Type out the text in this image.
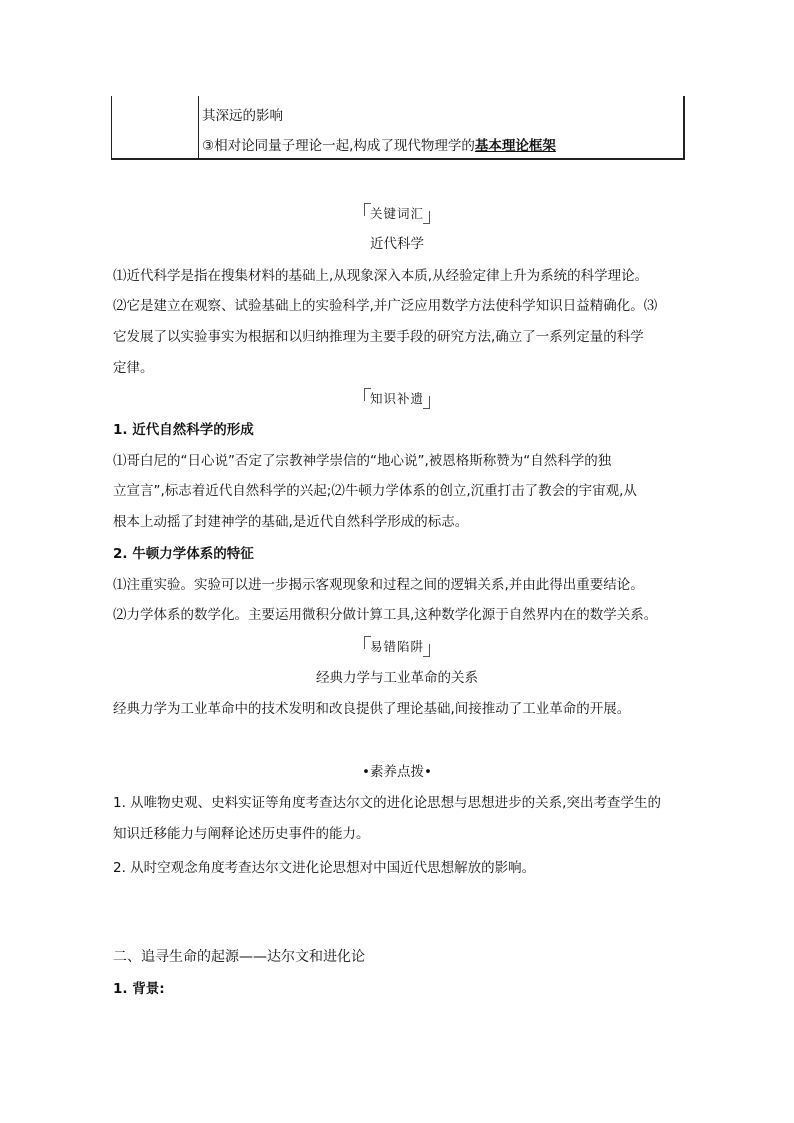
其深远的影响
③相对论同量子理论一起,构成了现代物理学的基本理论框架
关键词汇
近代科学
⑴近代科学是指在搜集材料的基础上,从现象深入本质,从经验定律上升为系统的科学理论。
⑵它是建立在观察、试验基础上的实验科学,并广泛应用数学方法使科学知识日益精确化。⑶
它发展了以实验事实为根据和以归纳推理为主要手段的研究方法,确立了一系列定量的科学
定律。
知识补遗
1. 近代自然科学的形成
⑴哥白尼的“日心说”否定了宗教神学崇信的“地心说”,被恩格斯称赞为“自然科学的独
立宣言”,标志着近代自然科学的兴起;⑵牛顿力学体系的创立,沉重打击了教会的宇宙观,从
根本上动摇了封建神学的基础,是近代自然科学形成的标志。
2. 牛顿力学体系的特征
⑴注重实验。实验可以进一步揭示客观现象和过程之间的逻辑关系,并由此得出重要结论。
⑵力学体系的数学化。主要运用微积分做计算工具,这种数学化源于自然界内在的数学关系。
易错陷阱
经典力学与工业革命的关系
经典力学为工业革命中的技术发明和改良提供了理论基础,间接推动了工业革命的开展。
•素养点拨•
1. 从唯物史观、史料实证等角度考查达尔文的进化论思想与思想进步的关系,突出考查学生的
知识迁移能力与阐释论述历史事件的能力。
2. 从时空观念角度考查达尔文进化论思想对中国近代思想解放的影响。
二、追寻生命的起源——达尔文和进化论
1. 背景:
